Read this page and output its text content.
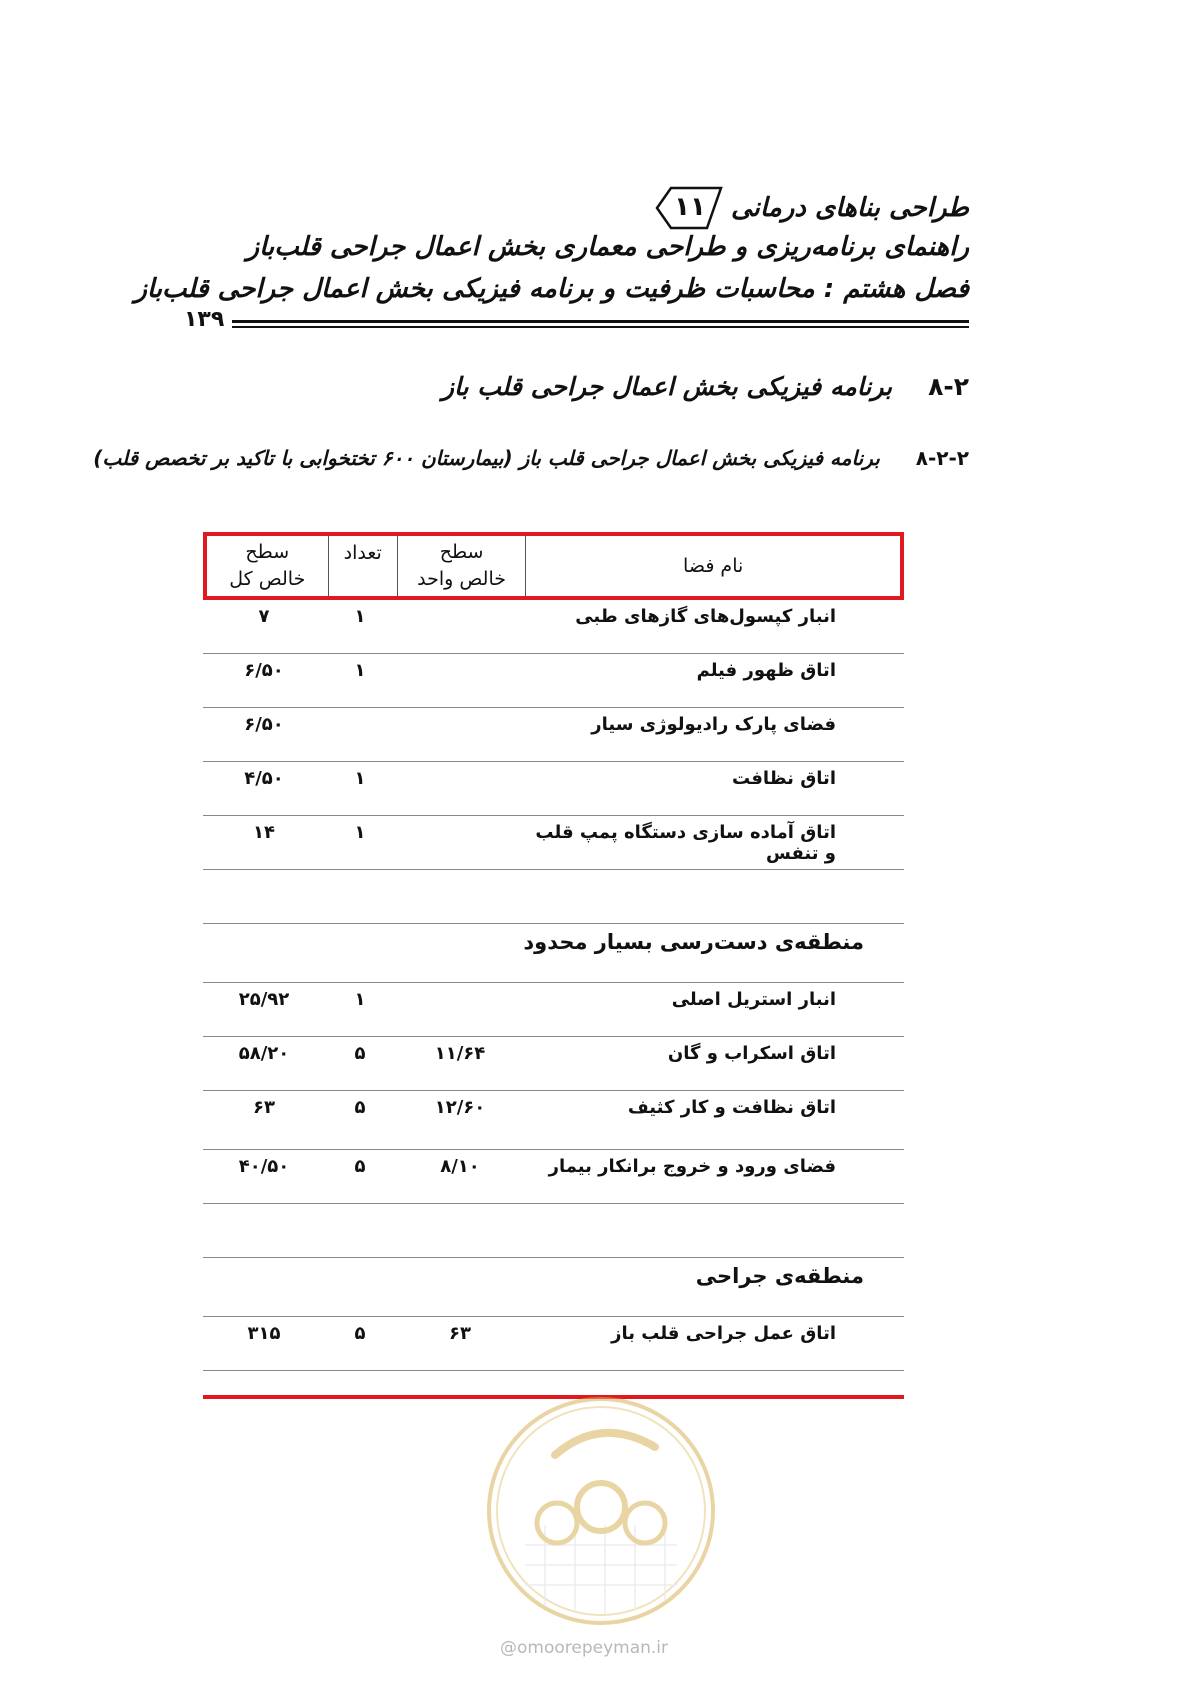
طراحی بناهای درمانی
۱۱
راهنمای برنامه‌ریزی و طراحی معماری بخش اعمال جراحی قلب‌باز
فصل هشتم : محاسبات ظرفیت و برنامه فیزیکی بخش اعمال جراحی قلب‌باز
۱۳۹
۸-۲برنامه فیزیکی بخش اعمال جراحی قلب باز
۸-۲-۲برنامه فیزیکی بخش اعمال جراحی قلب باز (بیمارستان ۶۰۰ تختخوابی با تاکید بر تخصص قلب)
نام فضا
سطح
خالص واحد
تعداد
سطح
خالص کل
انبار کپسول‌های گازهای طبی
۱
۷
اتاق ظهور فیلم
۱
۶/۵۰
فضای پارک رادیولوژی سیار
۶/۵۰
اتاق نظافت
۱
۴/۵۰
اتاق آماده سازی دستگاه پمپ قلب و تنفس
۱
۱۴
منطقه‌ی دست‌رسی بسیار محدود
انبار استریل اصلی
۱
۲۵/۹۲
اتاق اسکراب و گان
۱۱/۶۴
۵
۵۸/۲۰
اتاق نظافت و کار کثیف
۱۲/۶۰
۵
۶۳
فضای ورود و خروج برانکار بیمار
۸/۱۰
۵
۴۰/۵۰
منطقه‌ی جراحی
اتاق عمل جراحی قلب باز
۶۳
۵
۳۱۵
@omoorepeyman.ir
